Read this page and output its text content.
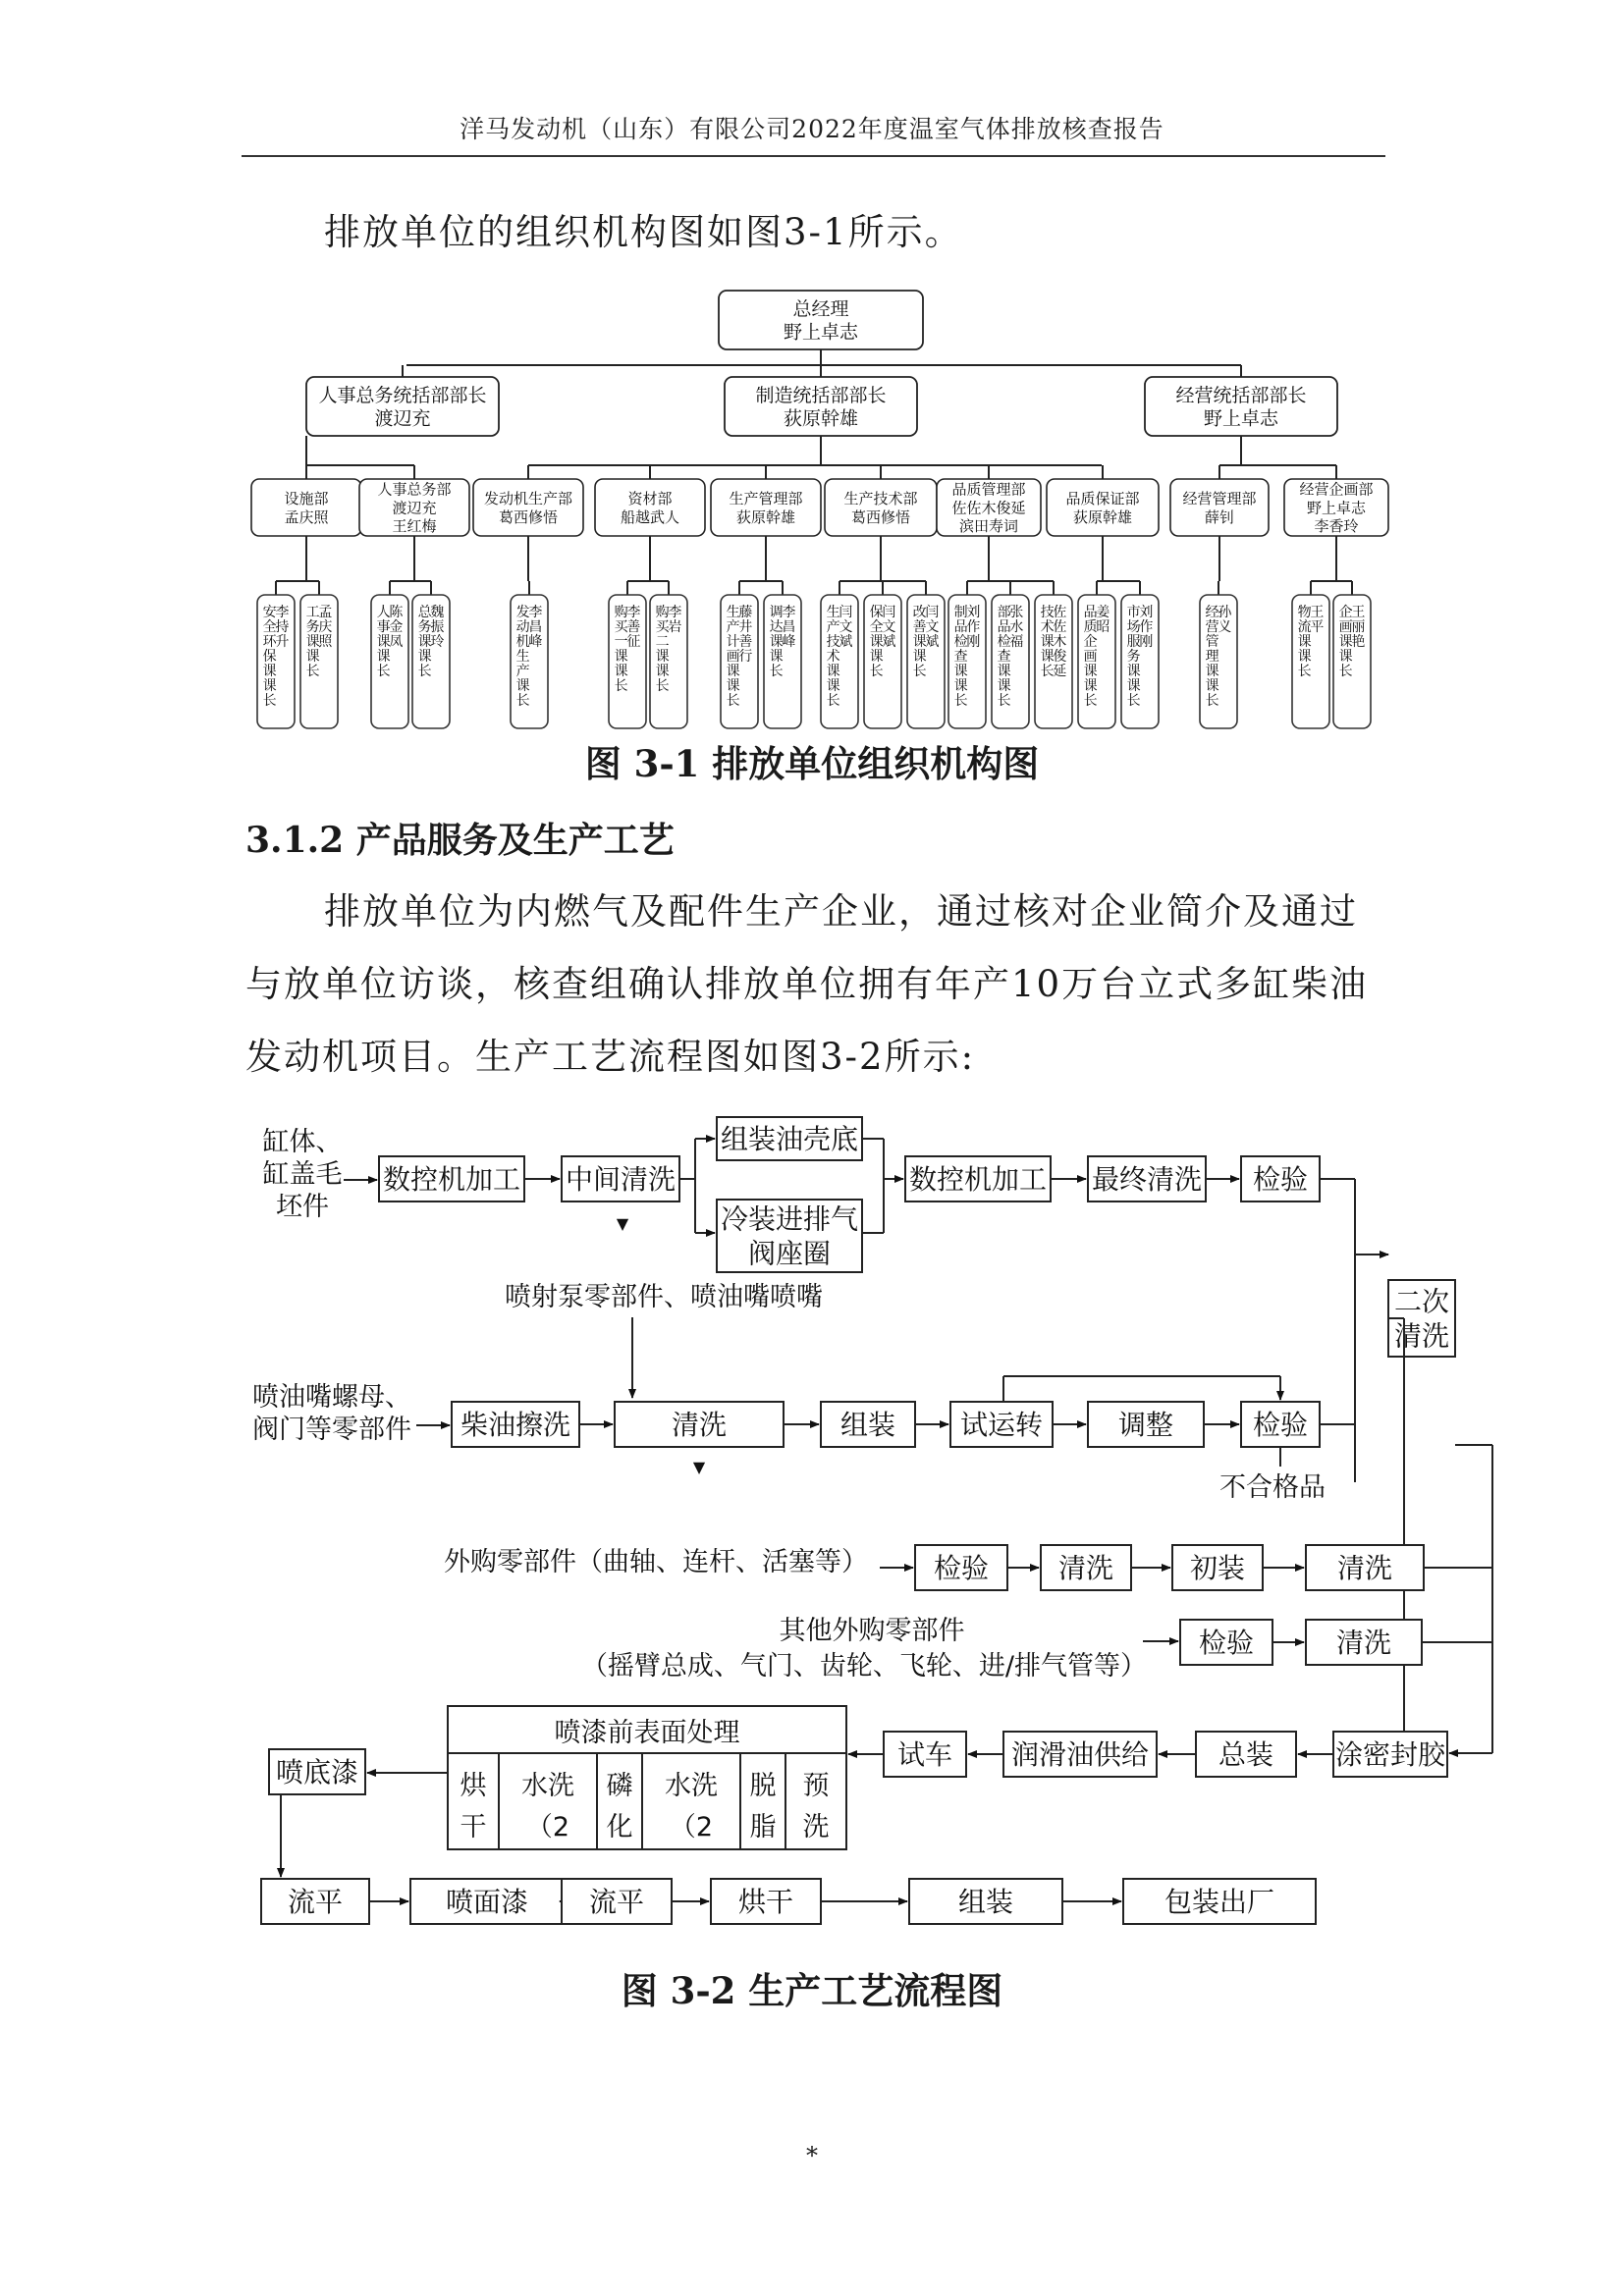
洋马发动机（山东）有限公司2022年度温室气体排放核查报告
排放单位的组织机构图如图3-1所示。
总经理
野上卓志
人事总务统括部部长
渡辺充
制造统括部部长
荻原幹雄
经营统括部部长
野上卓志
设施部
孟庆照
人事总务部
渡辺充
王红梅
发动机生产部
葛西修悟
资材部
船越武人
生产管理部
荻原幹雄
生产技术部
葛西修悟
品质管理部
佐佐木俊延
滨田寿词
品质保证部
荻原幹雄
经营管理部
薛钊
经营企画部
野上卓志
李香玲
安
全
环
保
课
课
长
李
持
升
工
务
课
课
长
孟
庆
照
人
事
课
课
长
陈
金
凤
总
务
课
课
长
魏
振
玲
发
动
机
生
产
课
长
李
昌
峰
购
买
一
课
课
长
李
善
征
购
买
二
课
课
长
李
岩
生
产
计
画
课
课
长
藤
井
善
行
调
达
课
课
长
李
昌
峰
生
产
技
术
课
课
长
闫
文
斌
保
全
课
课
长
闫
文
斌
改
善
课
课
长
闫
文
斌
制
品
检
查
课
课
长
刘
作
刚
部
品
检
查
课
课
长
张
水
福
技
术
课
课
长
佐
佐
木
俊
延
品
质
企
画
课
课
长
姜
昭
市
场
服
务
课
课
长
刘
作
刚
经
营
管
理
课
课
长
孙
义
物
流
课
课
长
王
平
企
画
课
课
长
王
丽
艳
图 3-1 排放单位组织机构图
3.1.2 产品服务及生产工艺
排放单位为内燃气及配件生产企业，通过核对企业简介及通过与放单位访谈，核查组确认排放单位拥有年产10万台立式多缸柴油发动机项目。生产工艺流程图如图3-2所示:
缸体、
缸盖毛
坯件
数控机加工 中间清洗
▼
组装油壳底
冷装进排气
阀座圈
数控机加工 最终清洗 检验
二次
清洗
喷射泵零部件、喷油嘴喷嘴
喷油嘴螺母、
阀门等零部件 柴油擦洗	清洗
▼
组装 试运转	调整	检验
不合格品
外购零部件（曲轴、连杆、活塞等） 检验	清洗	初装	清洗
其他外购零部件
（摇臂总成、气门、齿轮、飞轮、进/排气管等）
检验	清洗
涂密封胶
总装
润滑油供给
试车
喷漆前表面处理
烘
干
水洗
（2
磷
化
水洗
（2
脱
脂
预
洗
喷底漆
流平	喷面漆 流平	烘干	组装	包装出厂
图 3-2 生产工艺流程图
*
